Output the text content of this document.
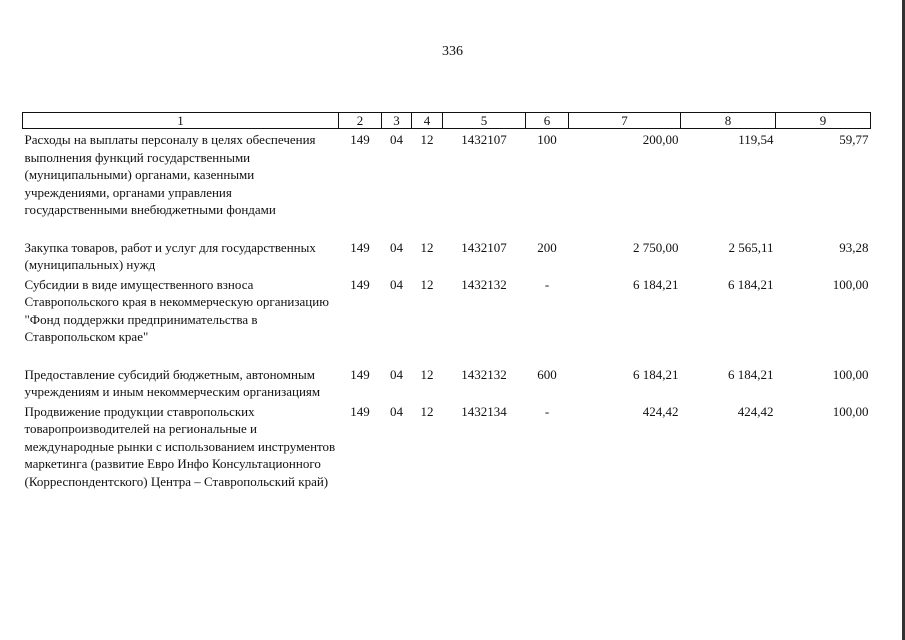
336
1	2	3	4	5	6	7	8	9
Расходы на выплаты персоналу в целях обеспечения выполнения функций государственными (муниципальными) органами, казенными учреждениями, органами управления государственными внебюджетными фондами	149	04	12	1432107	100	200,00	119,54	59,77

Закупка товаров, работ и услуг для государственных (муниципальных) нужд	149	04	12	1432107	200	2 750,00	2 565,11	93,28
Субсидии в виде имущественного взноса Ставропольского края в некоммерческую организацию "Фонд поддержки предпринимательства в Ставропольском крае"	149	04	12	1432132	-	6 184,21	6 184,21	100,00

Предоставление субсидий бюджетным, автономным учреждениям и иным некоммерческим организациям	149	04	12	1432132	600	6 184,21	6 184,21	100,00
Продвижение продукции ставропольских товаропроизводителей на региональные и международные рынки с использованием инструментов маркетинга (развитие Евро Инфо Консультационного (Корреспондентского) Центра – Ставропольский край)	149	04	12	1432134	-	424,42	424,42	100,00
